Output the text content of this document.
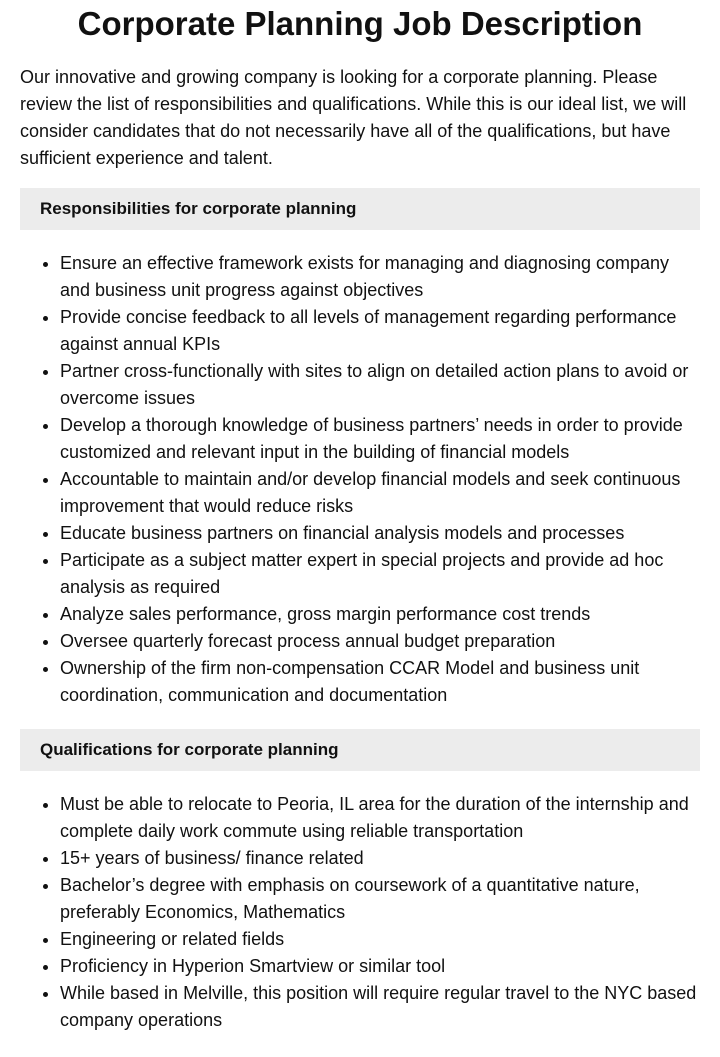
Corporate Planning Job Description

Our innovative and growing company is looking for a corporate planning. Please review the list of responsibilities and qualifications. While this is our ideal list, we will consider candidates that do not necessarily have all of the qualifications, but have sufficient experience and talent.

Responsibilities for corporate planning
• Ensure an effective framework exists for managing and diagnosing company and business unit progress against objectives
• Provide concise feedback to all levels of management regarding performance against annual KPIs
• Partner cross-functionally with sites to align on detailed action plans to avoid or overcome issues
• Develop a thorough knowledge of business partners’ needs in order to provide customized and relevant input in the building of financial models
• Accountable to maintain and/or develop financial models and seek continuous improvement that would reduce risks
• Educate business partners on financial analysis models and processes
• Participate as a subject matter expert in special projects and provide ad hoc analysis as required
• Analyze sales performance, gross margin performance cost trends
• Oversee quarterly forecast process annual budget preparation
• Ownership of the firm non-compensation CCAR Model and business unit coordination, communication and documentation
Qualifications for corporate planning
• Must be able to relocate to Peoria, IL area for the duration of the internship and complete daily work commute using reliable transportation
• 15+ years of business/ finance related
• Bachelor’s degree with emphasis on coursework of a quantitative nature, preferably Economics, Mathematics
• Engineering or related fields
• Proficiency in Hyperion Smartview or similar tool
• While based in Melville, this position will require regular travel to the NYC based company operations
